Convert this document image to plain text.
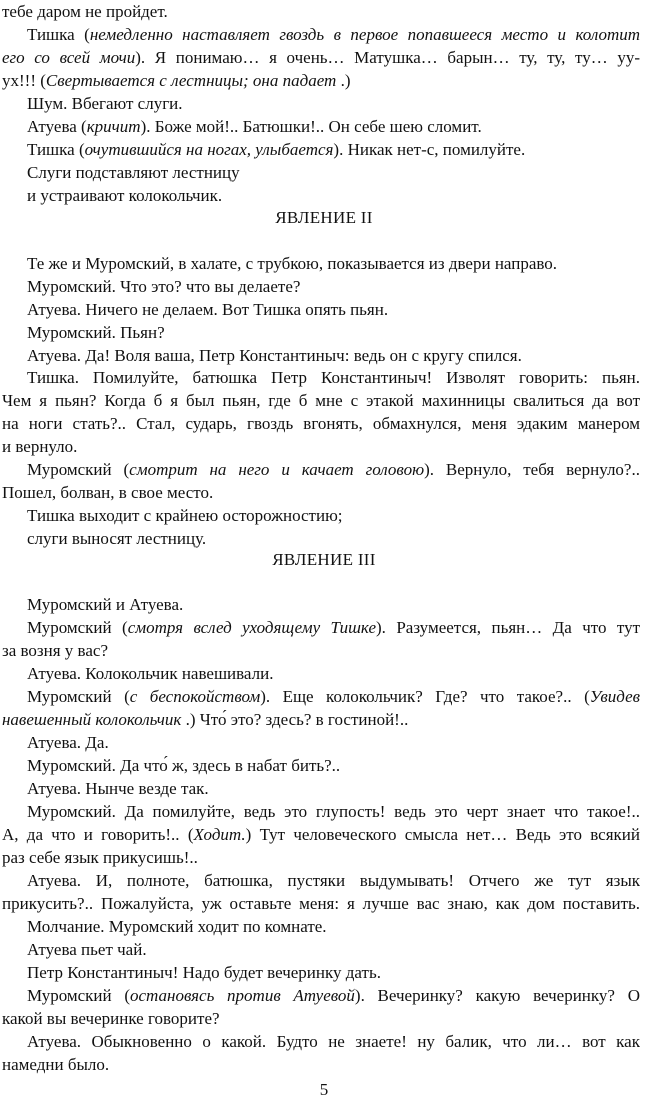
тебе даром не пройдет.
Тишка (немедленно наставляет гвоздь в первое попавшееся место и колотит
его со всей мочи). Я понимаю… я очень… Матушка… барын… ту, ту, ту… уу-
ух!!! (Свертывается с лестницы; она падает .)
Шум. Вбегают слуги.
Атуева (кричит). Боже мой!.. Батюшки!.. Он себе шею сломит.
Тишка (очутившийся на ногах, улыбается). Никак нет-с, помилуйте.
Слуги подставляют лестницу
и устраивают колокольчик.
ЯВЛЕНИЕ II
Те же и Муромский, в халате, с трубкою, показывается из двери направо.
Муромский. Что это? что вы делаете?
Атуева. Ничего не делаем. Вот Тишка опять пьян.
Муромский. Пьян?
Атуева. Да! Воля ваша, Петр Константиныч: ведь он с кругу спился.
Тишка. Помилуйте, батюшка Петр Константиныч! Изволят говорить: пьян.
Чем я пьян? Когда б я был пьян, где б мне с этакой махинницы свалиться да вот
на ноги стать?.. Стал, сударь, гвоздь вгонять, обмахнулся, меня эдаким манером
и вернуло.
Муромский (смотрит на него и качает головою). Вернуло, тебя вернуло?..
Пошел, болван, в свое место.
Тишка выходит с крайнею осторожностию;
слуги выносят лестницу.
ЯВЛЕНИЕ III
Муромский и Атуева.
Муромский (смотря вслед уходящему Тишке). Разумеется, пьян… Да что тут
за возня у вас?
Атуева. Колокольчик навешивали.
Муромский (с беспокойством). Еще колокольчик? Где? что такое?.. (Увидев
навешенный колокольчик .) Что́ это? здесь? в гостиной!..
Атуева. Да.
Муромский. Да что́ ж, здесь в набат бить?..
Атуева. Нынче везде так.
Муромский. Да помилуйте, ведь это глупость! ведь это черт знает что такое!..
А, да что и говорить!.. (Ходит.) Тут человеческого смысла нет… Ведь это всякий
раз себе язык прикусишь!..
Атуева. И, полноте, батюшка, пустяки выдумывать! Отчего же тут язык
прикусить?.. Пожалуйста, уж оставьте меня: я лучше вас знаю, как дом поставить.
Молчание. Муромский ходит по комнате.
Атуева пьет чай.
Петр Константиныч! Надо будет вечеринку дать.
Муромский (остановясь против Атуевой). Вечеринку? какую вечеринку? О
какой вы вечеринке говорите?
Атуева. Обыкновенно о какой. Будто не знаете! ну балик, что ли… вот как
намедни было.
5
